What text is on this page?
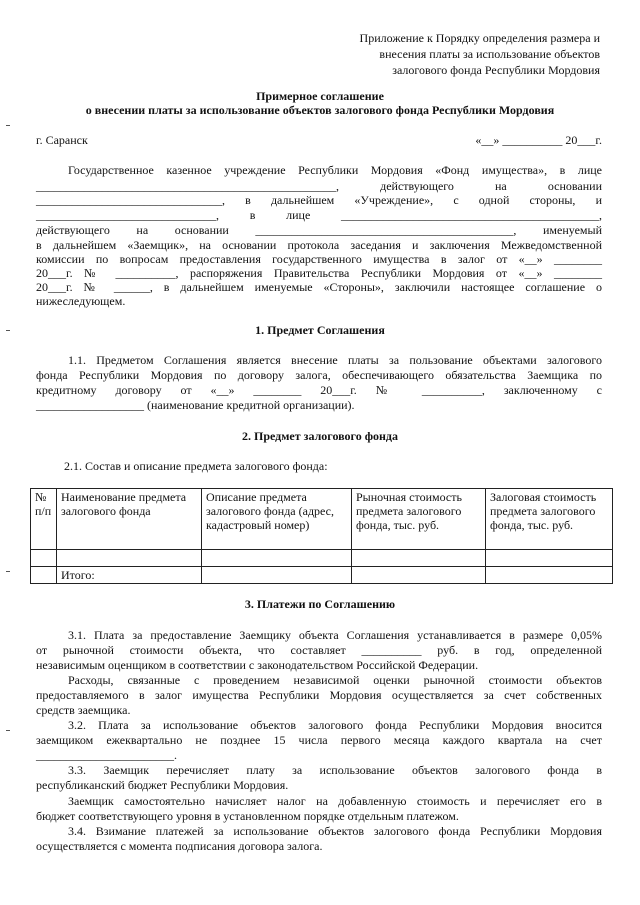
Приложение к Порядку определения размера и
внесения платы за использование объектов
залогового фонда Республики Мордовия
Примерное соглашение
о внесении платы за использование объектов залогового фонда Республики Мордовия
г. Саранск	«__» __________ 20___г.
Государственное казенное учреждение Республики Мордовия «Фонд имущества», в лице
__________________________________________________, действующего на основании
_______________________________, в дальнейшем «Учреждение», с одной стороны, и
______________________________, в лице ___________________________________________,
действующего на основании ___________________________________________, именуемый
в дальнейшем «Заемщик», на основании протокола заседания и заключения Межведомственной
комиссии по вопросам предоставления государственного имущества в залог от «__» ________
20___г. № __________, распоряжения Правительства Республики Мордовия от «__» ________
20___г. № ______, в дальнейшем именуемые «Стороны», заключили настоящее соглашение о
нижеследующем.
1. Предмет Соглашения
1.1. Предметом Соглашения является внесение платы за пользование объектами залогового
фонда Республики Мордовия по договору залога, обеспечивающего обязательства Заемщика по
кредитному договору от «__» ________ 20___г. № __________, заключенному с
__________________ (наименование кредитной организации).
2. Предмет залогового фонда
2.1. Состав и описание предмета залогового фонда:
№ п/п	Наименование предмета залогового фонда	Описание предмета залогового фонда (адрес, кадастровый номер)	Рыночная стоимость предмета залогового фонда, тыс. руб.	Залоговая стоимость предмета залогового фонда, тыс. руб.

	Итого:			
3. Платежи по Соглашению
3.1. Плата за предоставление Заемщику объекта Соглашения устанавливается в размере 0,05%
от рыночной стоимости объекта, что составляет __________ руб. в год, определенной
независимым оценщиком в соответствии с законодательством Российской Федерации.
Расходы, связанные с проведением независимой оценки рыночной стоимости объектов
предоставляемого в залог имущества Республики Мордовия осуществляется за счет собственных
средств заемщика.
3.2. Плата за использование объектов залогового фонда Республики Мордовия вносится
заемщиком ежеквартально не позднее 15 числа первого месяца каждого квартала на счет
_______________________.
3.3. Заемщик перечисляет плату за использование объектов залогового фонда в
республиканский бюджет Республики Мордовия.
Заемщик самостоятельно начисляет налог на добавленную стоимость и перечисляет его в
бюджет соответствующего уровня в установленном порядке отдельным платежом.
3.4. Взимание платежей за использование объектов залогового фонда Республики Мордовия
осуществляется с момента подписания договора залога.
